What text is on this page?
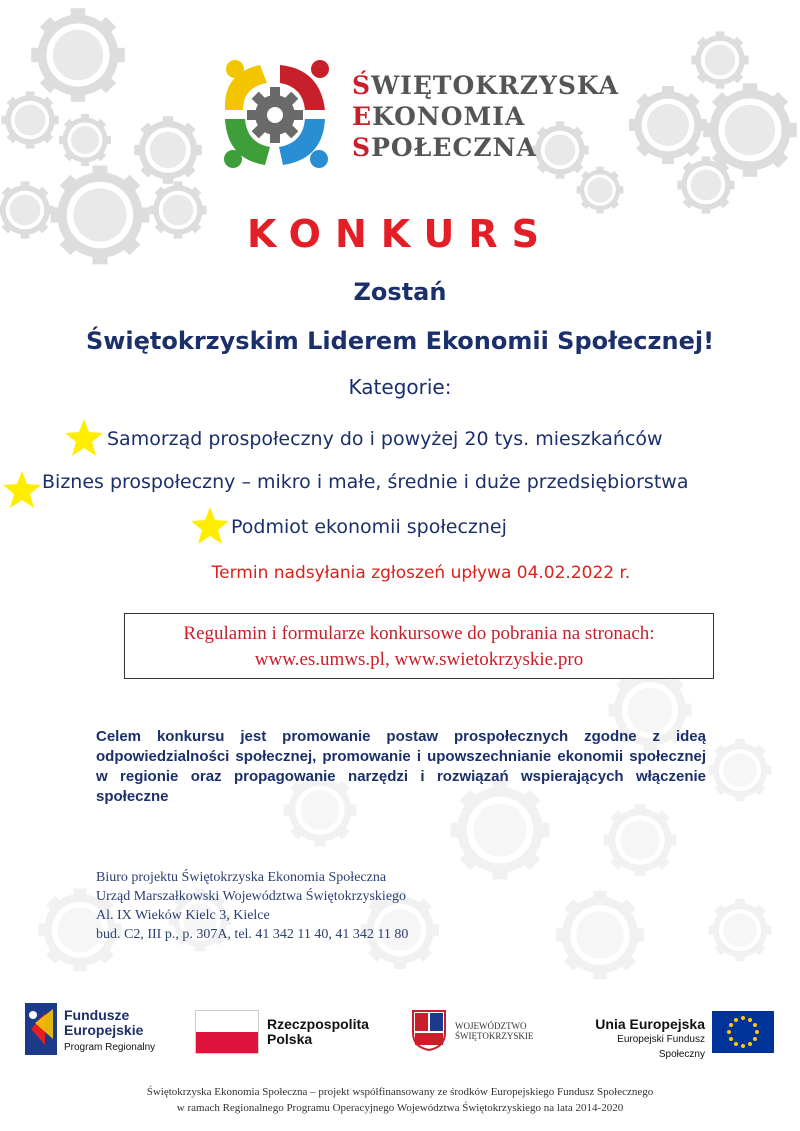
ŚWIĘTOKRZYSKA
EKONOMIA
SPOŁECZNA
KONKURS
Zostań
Świętokrzyskim Liderem Ekonomii Społecznej!
Kategorie:
Samorząd prospołeczny do i powyżej 20 tys. mieszkańców
Biznes prospołeczny – mikro i małe, średnie i duże przedsiębiorstwa
Podmiot ekonomii społecznej
Termin nadsyłania zgłoszeń upływa 04.02.2022 r.
Regulamin i formularze konkursowe do pobrania na stronach:
www.es.umws.pl, www.swietokrzyskie.pro
Celem konkursu jest promowanie postaw prospołecznych zgodne z ideą odpowiedzialności społecznej, promowanie i upowszechnianie ekonomii społecznej w regionie oraz propagowanie narzędzi i rozwiązań wspierających włączenie społeczne
Biuro projektu Świętokrzyska Ekonomia Społeczna
Urząd Marszałkowski Województwa Świętokrzyskiego
Al. IX Wieków Kielc 3, Kielce
bud. C2, III p., p. 307A, tel. 41 342 11 40, 41 342 11 80
Fundusze
Europejskie
Program Regionalny
Rzeczpospolita
Polska
WOJEWÓDZTWO
ŚWIĘTOKRZYSKIE
Unia Europejska
Europejski Fundusz Społeczny
Świętokrzyska Ekonomia Społeczna – projekt współfinansowany ze środków Europejskiego Fundusz Społecznego
w ramach Regionalnego Programu Operacyjnego Województwa Świętokrzyskiego na lata 2014-2020
